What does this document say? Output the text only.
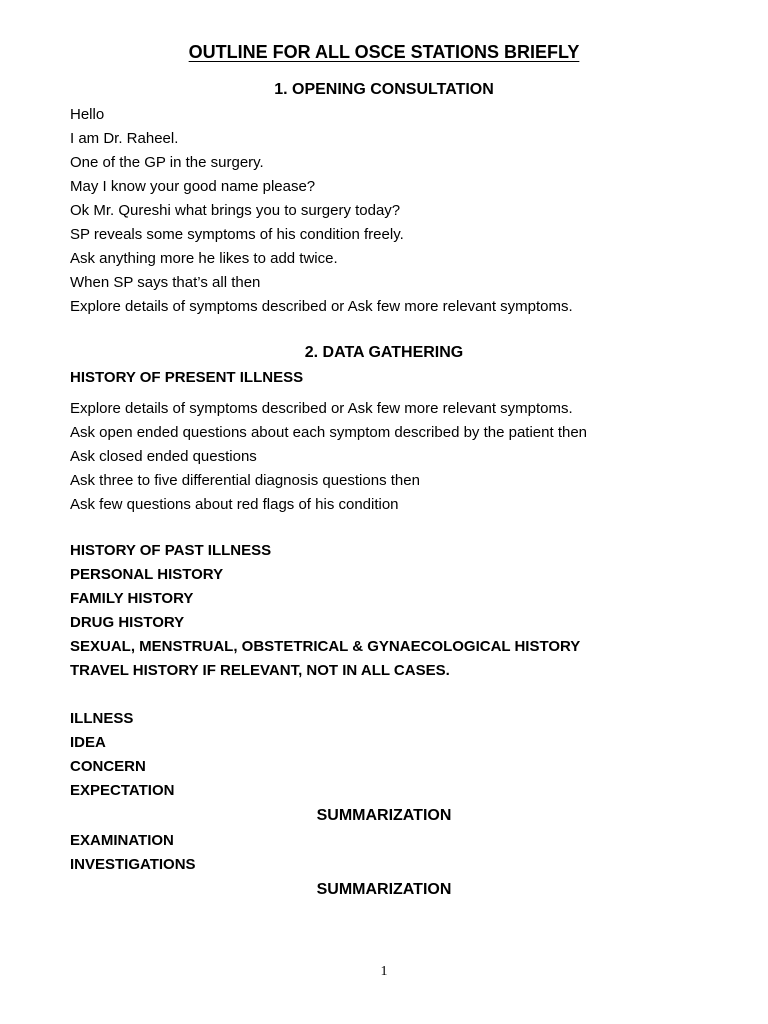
OUTLINE FOR ALL OSCE STATIONS BRIEFLY
1. OPENING CONSULTATION
Hello
I am Dr. Raheel.
One of the GP in the surgery.
May I know your good name please?
Ok Mr. Qureshi what brings you to surgery today?
SP reveals some symptoms of his condition freely.
Ask anything more he likes to add twice.
When SP says that’s all then
Explore details of symptoms described or Ask few more relevant symptoms.
2. DATA GATHERING
HISTORY OF PRESENT ILLNESS
Explore details of symptoms described or Ask few more relevant symptoms.
Ask open ended questions about each symptom described by the patient then
Ask closed ended questions
Ask three to five differential diagnosis questions then
Ask few questions about red flags of his condition
HISTORY OF PAST ILLNESS
PERSONAL HISTORY
FAMILY HISTORY
DRUG HISTORY
SEXUAL, MENSTRUAL, OBSTETRICAL & GYNAECOLOGICAL HISTORY
TRAVEL HISTORY IF RELEVANT, NOT IN ALL CASES.
ILLNESS
IDEA
CONCERN
EXPECTATION
SUMMARIZATION
EXAMINATION
INVESTIGATIONS
SUMMARIZATION
1
